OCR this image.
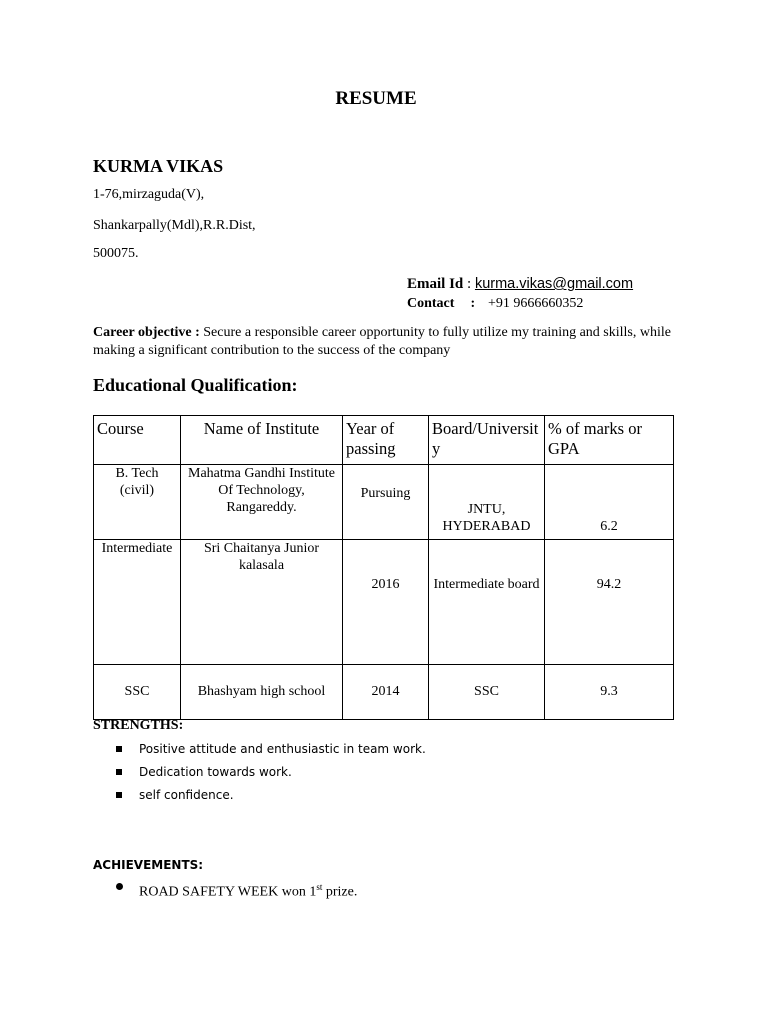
RESUME
KURMA VIKAS
1-76,mirzaguda(V),
Shankarpally(Mdl),R.R.Dist,
500075.
Email Id : kurma.vikas@gmail.com
Contact : +91 9666660352
Career objective : Secure a responsible career opportunity to fully utilize my training and skills, while making a significant contribution to the success of the company
Educational Qualification:
Course	Name of Institute	Year of passing	Board/University	% of marks or GPA
B. Tech (civil)	Mahatma Gandhi Institute Of Technology, Rangareddy.	Pursuing	JNTU, HYDERABAD	6.2
Intermediate	Sri Chaitanya Junior kalasala	2016	Intermediate board	94.2
SSC	Bhashyam high school	2014	SSC	9.3
STRENGTHS:
Positive attitude and enthusiastic in team work.
Dedication towards work.
self confidence.
ACHIEVEMENTS:
ROAD SAFETY WEEK won 1st prize.
